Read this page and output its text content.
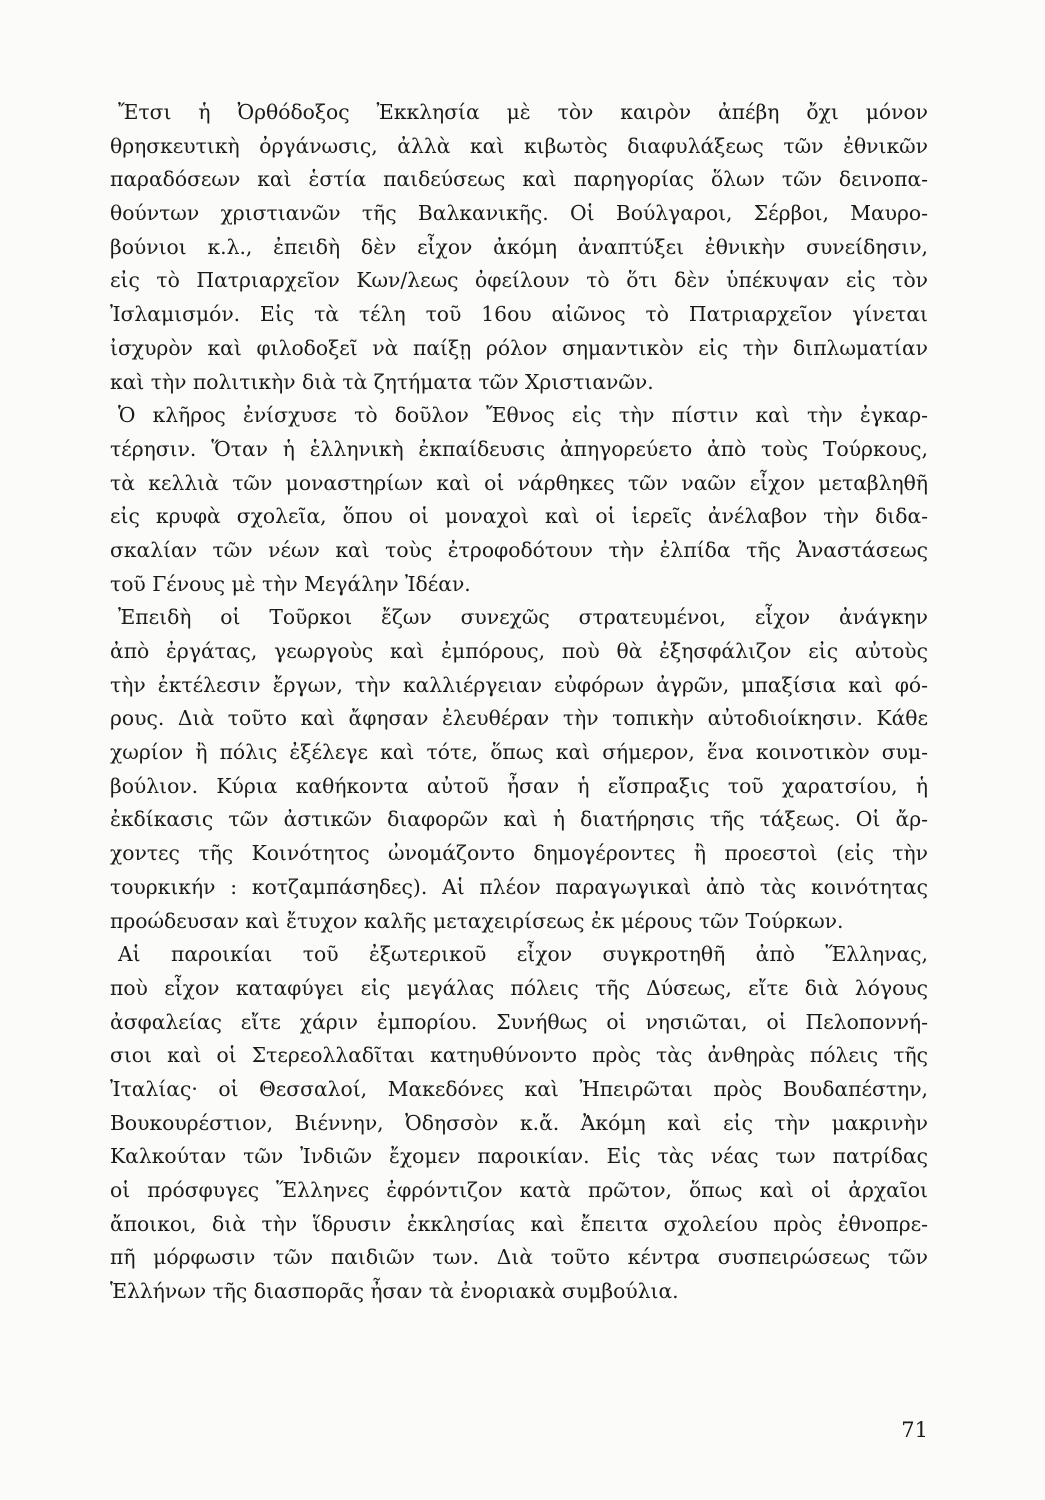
Ἔτσι ἡ Ὀρθόδοξος Ἐκκλησία μὲ τὸν καιρὸν ἀπέβη ὄχι μόνον
θρησκευτικὴ ὀργάνωσις, ἀλλὰ καὶ κιβωτὸς διαφυλάξεως τῶν ἐθνικῶν
παραδόσεων καὶ ἑστία παιδεύσεως καὶ παρηγορίας ὅλων τῶν δεινοπα-
θούντων χριστιανῶν τῆς Βαλκανικῆς. Οἱ Βούλγαροι, Σέρβοι, Μαυρο-
βούνιοι κ.λ., ἐπειδὴ δὲν εἶχον ἀκόμη ἀναπτύξει ἐθνικὴν συνείδησιν,
εἰς τὸ Πατριαρχεῖον Κων/λεως ὀφείλουν τὸ ὅτι δὲν ὑπέκυψαν εἰς τὸν
Ἰσλαμισμόν. Εἰς τὰ τέλη τοῦ 16ου αἰῶνος τὸ Πατριαρχεῖον γίνεται
ἰσχυρὸν καὶ φιλοδοξεῖ νὰ παίξῃ ρόλον σημαντικὸν εἰς τὴν διπλωματίαν
καὶ τὴν πολιτικὴν διὰ τὰ ζητήματα τῶν Χριστιανῶν.
Ὁ κλῆρος ἐνίσχυσε τὸ δοῦλον Ἔθνος εἰς τὴν πίστιν καὶ τὴν ἐγκαρ-
τέρησιν. Ὅταν ἡ ἑλληνικὴ ἐκπαίδευσις ἀπηγορεύετο ἀπὸ τοὺς Τούρκους,
τὰ κελλιὰ τῶν μοναστηρίων καὶ οἱ νάρθηκες τῶν ναῶν εἶχον μεταβληθῆ
εἰς κρυφὰ σχολεῖα, ὅπου οἱ μοναχοὶ καὶ οἱ ἱερεῖς ἀνέλαβον τὴν διδα-
σκαλίαν τῶν νέων καὶ τοὺς ἐτροφοδότουν τὴν ἐλπίδα τῆς Ἀναστάσεως
τοῦ Γένους μὲ τὴν Μεγάλην Ἰδέαν.
Ἐπειδὴ οἱ Τοῦρκοι ἔζων συνεχῶς στρατευμένοι, εἶχον ἀνάγκην
ἀπὸ ἐργάτας, γεωργοὺς καὶ ἐμπόρους, ποὺ θὰ ἐξησφάλιζον εἰς αὐτοὺς
τὴν ἐκτέλεσιν ἔργων, τὴν καλλιέργειαν εὐφόρων ἀγρῶν, μπαξίσια καὶ φό-
ρους. Διὰ τοῦτο καὶ ἄφησαν ἐλευθέραν τὴν τοπικὴν αὐτοδιοίκησιν. Κάθε
χωρίον ἢ πόλις ἐξέλεγε καὶ τότε, ὅπως καὶ σήμερον, ἕνα κοινοτικὸν συμ-
βούλιον. Κύρια καθήκοντα αὐτοῦ ἦσαν ἡ εἴσπραξις τοῦ χαρατσίου, ἡ
ἐκδίκασις τῶν ἀστικῶν διαφορῶν καὶ ἡ διατήρησις τῆς τάξεως. Οἱ ἄρ-
χοντες τῆς Κοινότητος ὠνομάζοντο δημογέροντες ἢ προεστοὶ (εἰς τὴν
τουρκικήν : κοτζαμπάσηδες). Αἱ πλέον παραγωγικαὶ ἀπὸ τὰς κοινότητας
προώδευσαν καὶ ἔτυχον καλῆς μεταχειρίσεως ἐκ μέρους τῶν Τούρκων.
Αἱ παροικίαι τοῦ ἐξωτερικοῦ εἶχον συγκροτηθῆ ἀπὸ Ἕλληνας,
ποὺ εἶχον καταφύγει εἰς μεγάλας πόλεις τῆς Δύσεως, εἴτε διὰ λόγους
ἀσφαλείας εἴτε χάριν ἐμπορίου. Συνήθως οἱ νησιῶται, οἱ Πελοποννή-
σιοι καὶ οἱ Στερεολλαδῖται κατηυθύνοντο πρὸς τὰς ἀνθηρὰς πόλεις τῆς
Ἰταλίας· οἱ Θεσσαλοί, Μακεδόνες καὶ Ἠπειρῶται πρὸς Βουδαπέστην,
Βουκουρέστιον, Βιέννην, Ὀδησσὸν κ.ἄ. Ἀκόμη καὶ εἰς τὴν μακρινὴν
Καλκούταν τῶν Ἰνδιῶν ἔχομεν παροικίαν. Εἰς τὰς νέας των πατρίδας
οἱ πρόσφυγες Ἕλληνες ἐφρόντιζον κατὰ πρῶτον, ὅπως καὶ οἱ ἀρχαῖοι
ἄποικοι, διὰ τὴν ἵδρυσιν ἐκκλησίας καὶ ἔπειτα σχολείου πρὸς ἐθνοπρε-
πῆ μόρφωσιν τῶν παιδιῶν των. Διὰ τοῦτο κέντρα συσπειρώσεως τῶν
Ἑλλήνων τῆς διασπορᾶς ἦσαν τὰ ἐνοριακὰ συμβούλια.
71
